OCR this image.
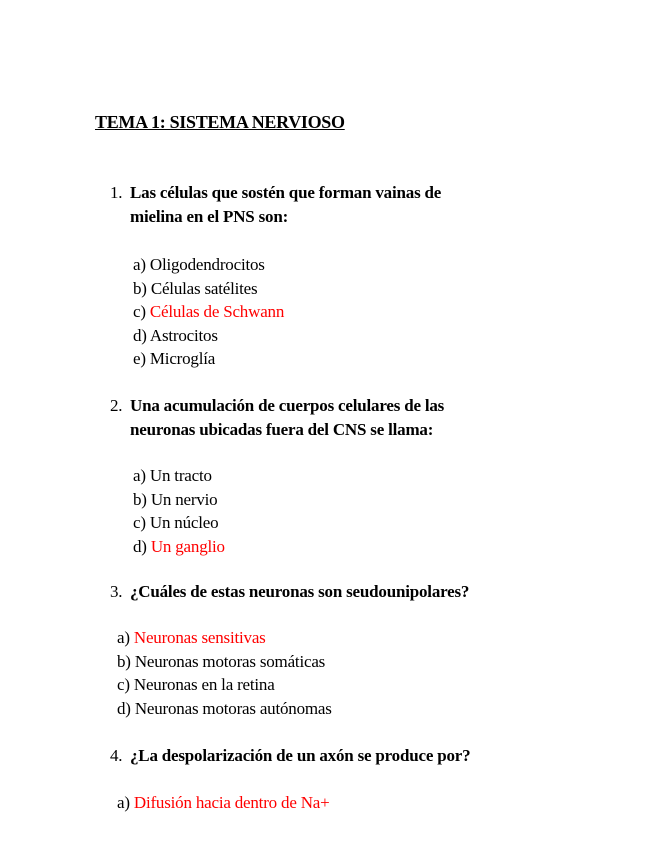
TEMA 1: SISTEMA NERVIOSO
1. Las células que sostén que forman vainas de
mielina en el PNS son:
a) Oligodendrocitos
b) Células satélites
c) Células de Schwann
d) Astrocitos
e) Microglía
2. Una acumulación de cuerpos celulares de las
neuronas ubicadas fuera del CNS se llama:
a) Un tracto
b) Un nervio
c) Un núcleo
d) Un ganglio
3. ¿Cuáles de estas neuronas son seudounipolares?
a) Neuronas sensitivas
b) Neuronas motoras somáticas
c) Neuronas en la retina
d) Neuronas motoras autónomas
4. ¿La despolarización de un axón se produce por?
a) Difusión hacia dentro de Na+
